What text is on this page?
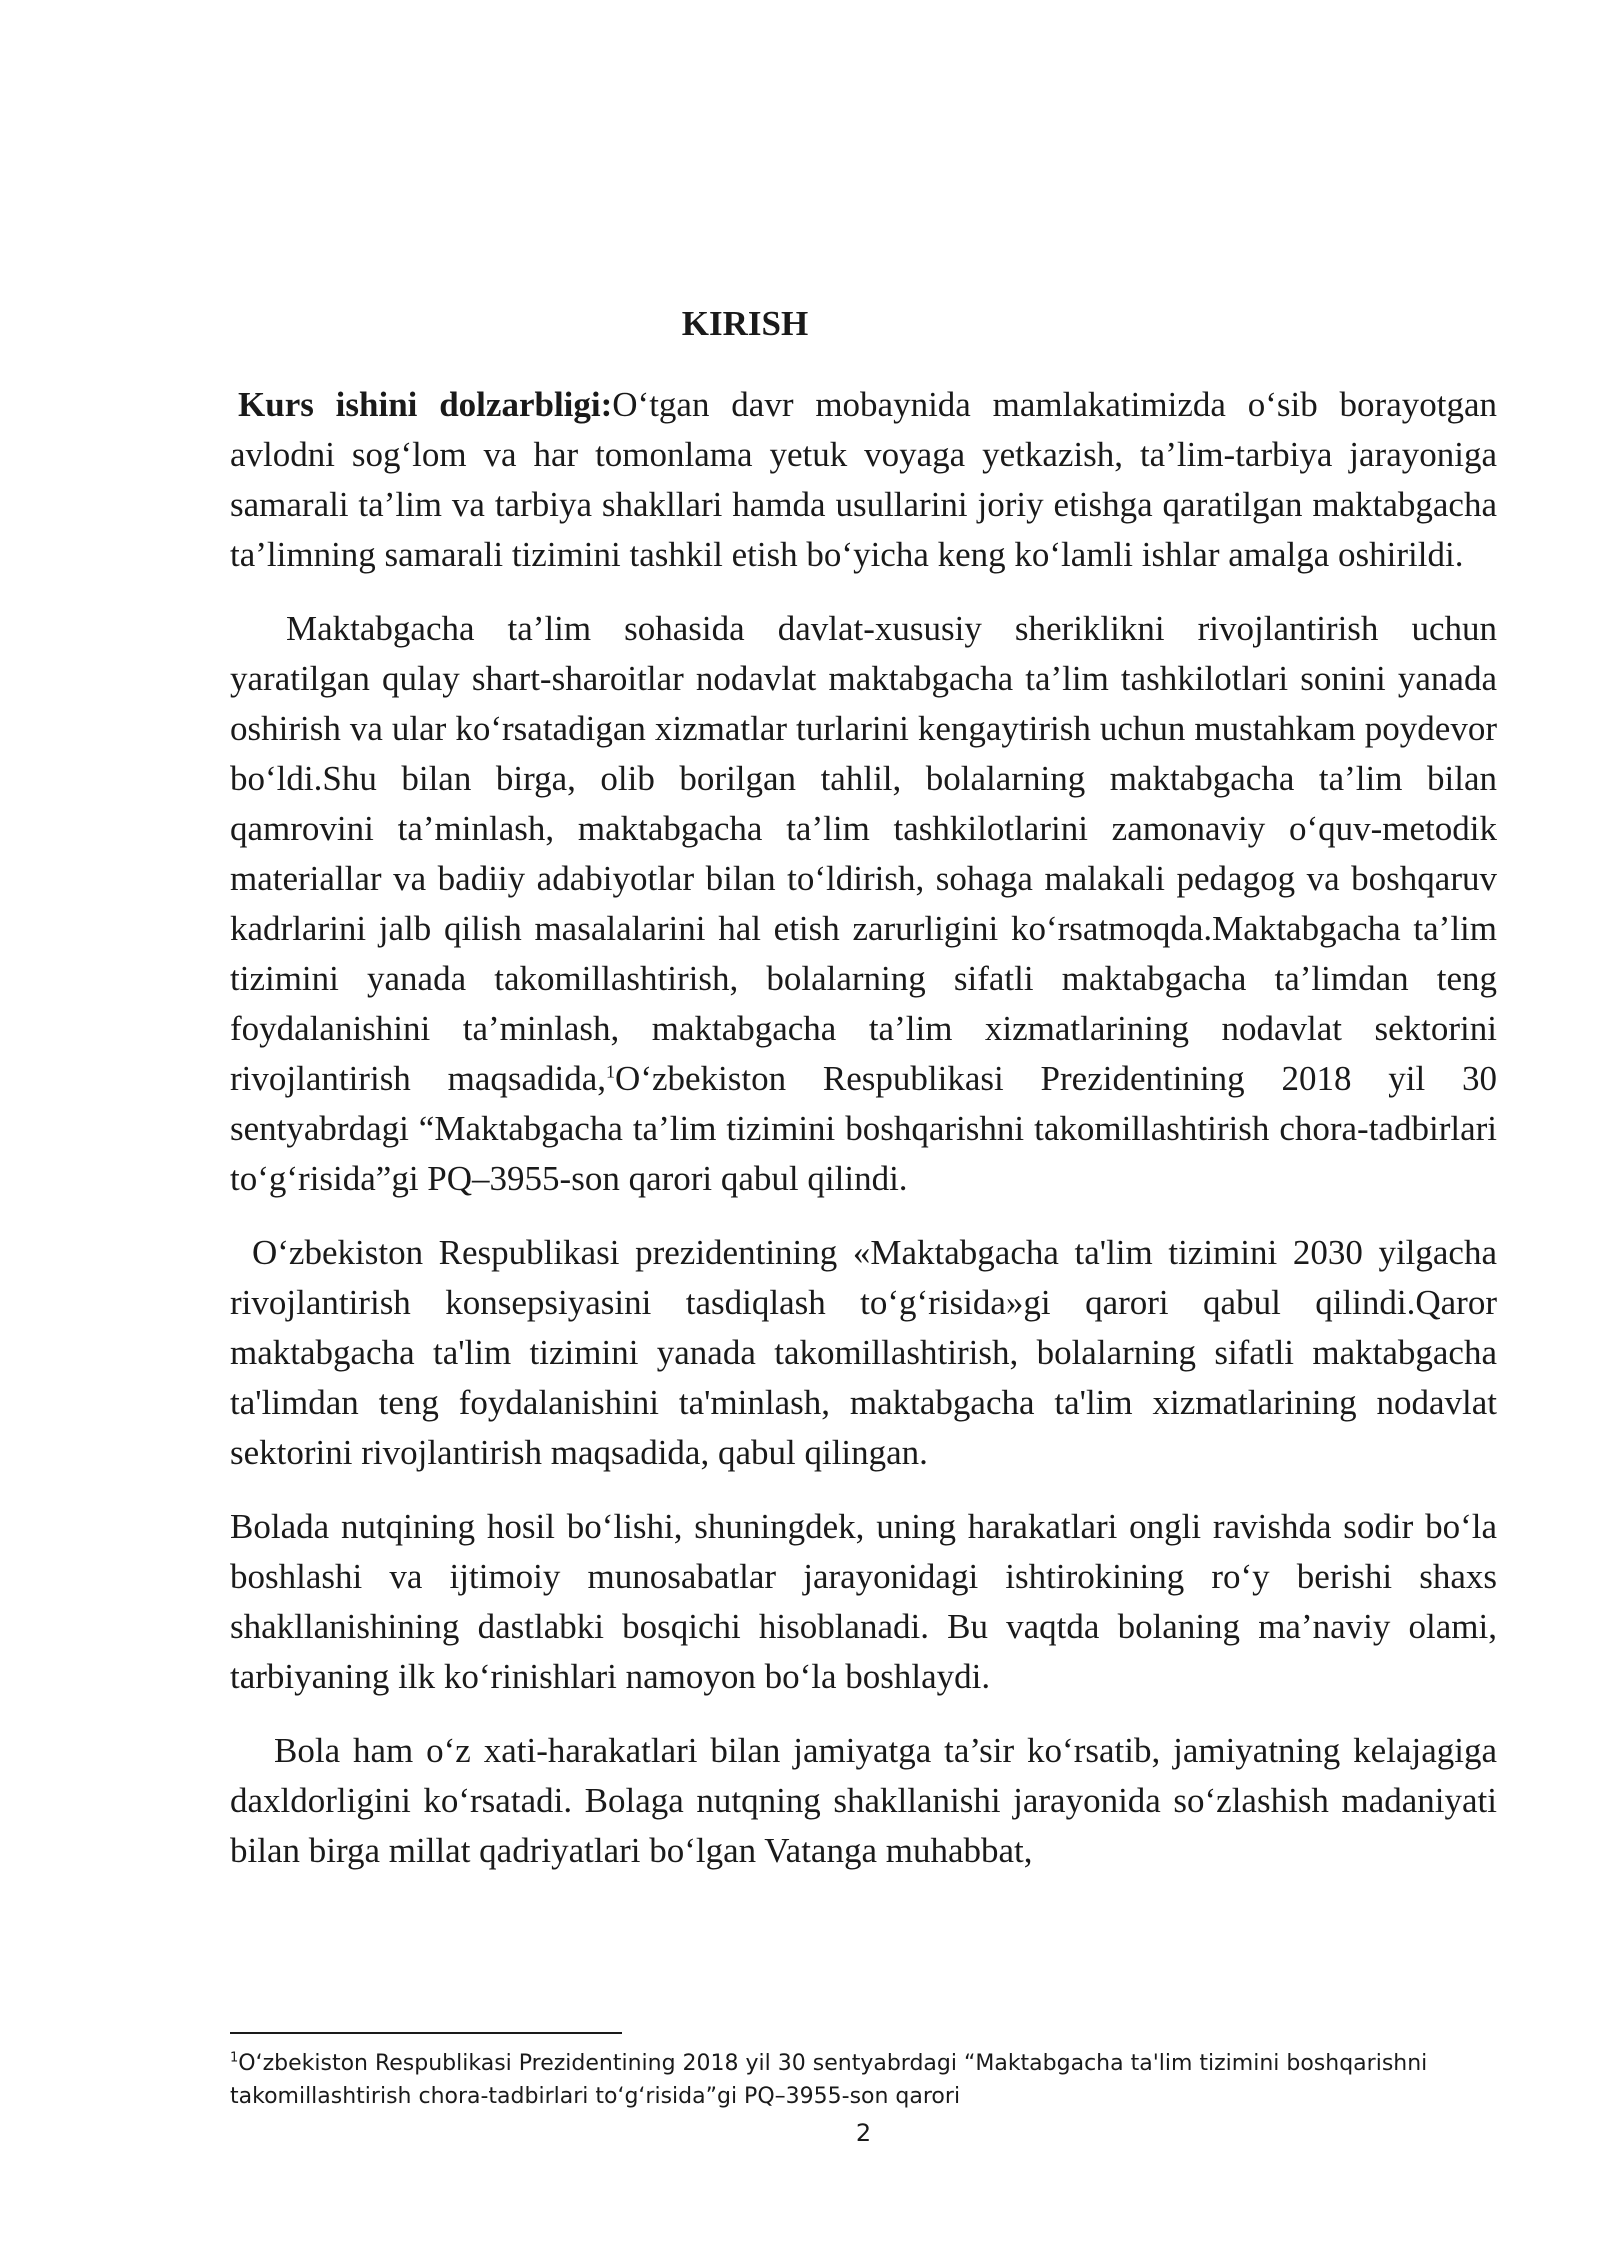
KIRISH

Kurs ishini dolzarbligi:O‘tgan davr mobaynida mamlakatimizda o‘sib borayotgan avlodni sog‘lom va har tomonlama yetuk voyaga yetkazish, ta’lim-tarbiya jarayoniga samarali ta’lim va tarbiya shakllari hamda usullarini joriy etishga qaratilgan maktabgacha ta’limning samarali tizimini tashkil etish bo‘yicha keng ko‘lamli ishlar amalga oshirildi.

Maktabgacha ta’lim sohasida davlat-xususiy sheriklikni rivojlantirish uchun yaratilgan qulay shart-sharoitlar nodavlat maktabgacha ta’lim tashkilotlari sonini yanada oshirish va ular ko‘rsatadigan xizmatlar turlarini kengaytirish uchun mustahkam poydevor bo‘ldi.Shu bilan birga, olib borilgan tahlil, bolalarning maktabgacha ta’lim bilan qamrovini ta’minlash, maktabgacha ta’lim tashkilotlarini zamonaviy o‘quv-metodik materiallar va badiiy adabiyotlar bilan to‘ldirish, sohaga malakali pedagog va boshqaruv kadrlarini jalb qilish masalalarini hal etish zarurligini ko‘rsatmoqda.Maktabgacha ta’lim tizimini yanada takomillashtirish, bolalarning sifatli maktabgacha ta’limdan teng foydalanishini ta’minlash, maktabgacha ta’lim xizmatlarining nodavlat sektorini rivojlantirish maqsadida,$^1$O‘zbekiston Respublikasi Prezidentining 2018 yil 30 sentyabrdagi “Maktabgacha ta’lim tizimini boshqarishni takomillashtirish chora-tadbirlari to‘g‘risida”gi PQ–3955-son qarori qabul qilindi.

O‘zbekiston Respublikasi prezidentining «Maktabgacha ta'lim tizimini 2030 yilgacha rivojlantirish konsepsiyasini tasdiqlash to‘g‘risida»gi qarori qabul qilindi.Qaror maktabgacha ta'lim tizimini yanada takomillashtirish, bolalarning sifatli maktabgacha ta'limdan teng foydalanishini ta'minlash, maktabgacha ta'lim xizmatlarining nodavlat sektorini rivojlantirish maqsadida, qabul qilingan.

Bolada nutqining hosil bo‘lishi, shuningdek, uning harakatlari ongli ravishda sodir bo‘la boshlashi va ijtimoiy munosabatlar jarayonidagi ishtirokining ro‘y berishi shaxs shakllanishining dastlabki bosqichi hisoblanadi. Bu vaqtda bolaning ma’naviy olami, tarbiyaning ilk ko‘rinishlari namoyon bo‘la boshlaydi.

Bola ham o‘z xati-harakatlari bilan jamiyatga ta’sir ko‘rsatib, jamiyatning kelajagiga daxldorligini ko‘rsatadi. Bolaga nutqning shakllanishi jarayonida so‘zlashish madaniyati bilan birga millat qadriyatlari bo‘lgan Vatanga muhabbat,

$^1$O‘zbekiston Respublikasi Prezidentining 2018 yil 30 sentyabrdagi “Maktabgacha ta'lim tizimini boshqarishni takomillashtirish chora-tadbirlari to‘g‘risida”gi PQ–3955-son qarori

2
